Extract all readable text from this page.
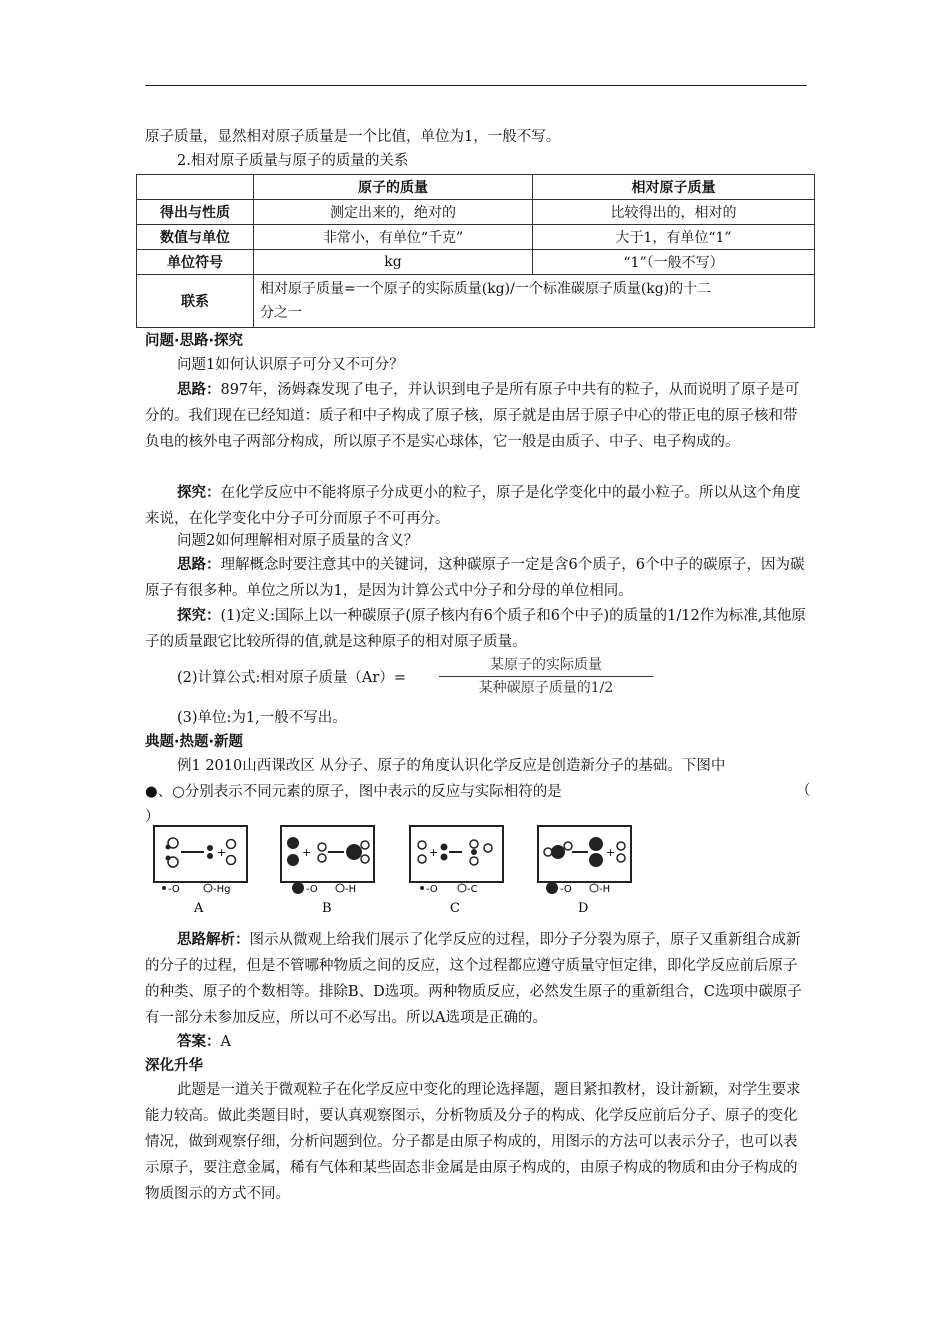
原子质量，显然相对原子质量是一个比值，单位为1，一般不写。

2.相对原子质量与原子的质量的关系

	原子的质量	相对原子质量
得出与性质	测定出来的，绝对的	比较得出的，相对的
数值与单位	非常小，有单位“千克”	大于1，有单位“1”
单位符号	kg	“1”（一般不写）
联系	相对原子质量=一个原子的实际质量(kg)/一个标准碳原子质量(kg)的十二
分之一	

问题·思路·探究

问题1如何认识原子可分又不可分？

思路：897年，汤姆森发现了电子，并认识到电子是所有原子中共有的粒子，从而说明了原子是可分的。我们现在已经知道：质子和中子构成了原子核，原子就是由居于原子中心的带正电的原子核和带负电的核外电子两部分构成，所以原子不是实心球体，它一般是由质子、中子、电子构成的。

探究：在化学反应中不能将原子分成更小的粒子，原子是化学变化中的最小粒子。所以从这个角度来说，在化学变化中分子可分而原子不可再分。

问题2如何理解相对原子质量的含义？

思路：理解概念时要注意其中的关键词，这种碳原子一定是含6个质子，6个中子的碳原子，因为碳原子有很多种。单位之所以为1，是因为计算公式中分子和分母的单位相同。

探究：(1)定义:国际上以一种碳原子(原子核内有6个质子和6个中子)的质量的1/12作为标准,其他原子的质量跟它比较所得的值,就是这种原子的相对原子质量。

(2)计算公式:相对原子质量（Ar）=
某原子的实际质量
某种碳原子质量的1/2

(3)单位:为1,一般不写出。

典题·热题·新题

例1 2010山西课改区 从分子、原子的角度认识化学反应是创造新分子的基础。下图中

●、○分别表示不同元素的原子，图中表示的反应与实际相符的是	（
）
+
-O	-Hg
A
+
-O	-H
B
+
-O	-C
C
+
-O	-H
D

思路解析：图示从微观上给我们展示了化学反应的过程，即分子分裂为原子，原子又重新组合成新的分子的过程，但是不管哪种物质之间的反应，这个过程都应遵守质量守恒定律，即化学反应前后原子的种类、原子的个数相等。排除B、D选项。两种物质反应，必然发生原子的重新组合，C选项中碳原子有一部分未参加反应，所以可不必写出。所以A选项是正确的。

答案：A

深化升华

此题是一道关于微观粒子在化学反应中变化的理论选择题，题目紧扣教材，设计新颖，对学生要求能力较高。做此类题目时，要认真观察图示，分析物质及分子的构成、化学反应前后分子、原子的变化情况，做到观察仔细，分析问题到位。分子都是由原子构成的，用图示的方法可以表示分子，也可以表示原子，要注意金属，稀有气体和某些固态非金属是由原子构成的，由原子构成的物质和由分子构成的物质图示的方式不同。
